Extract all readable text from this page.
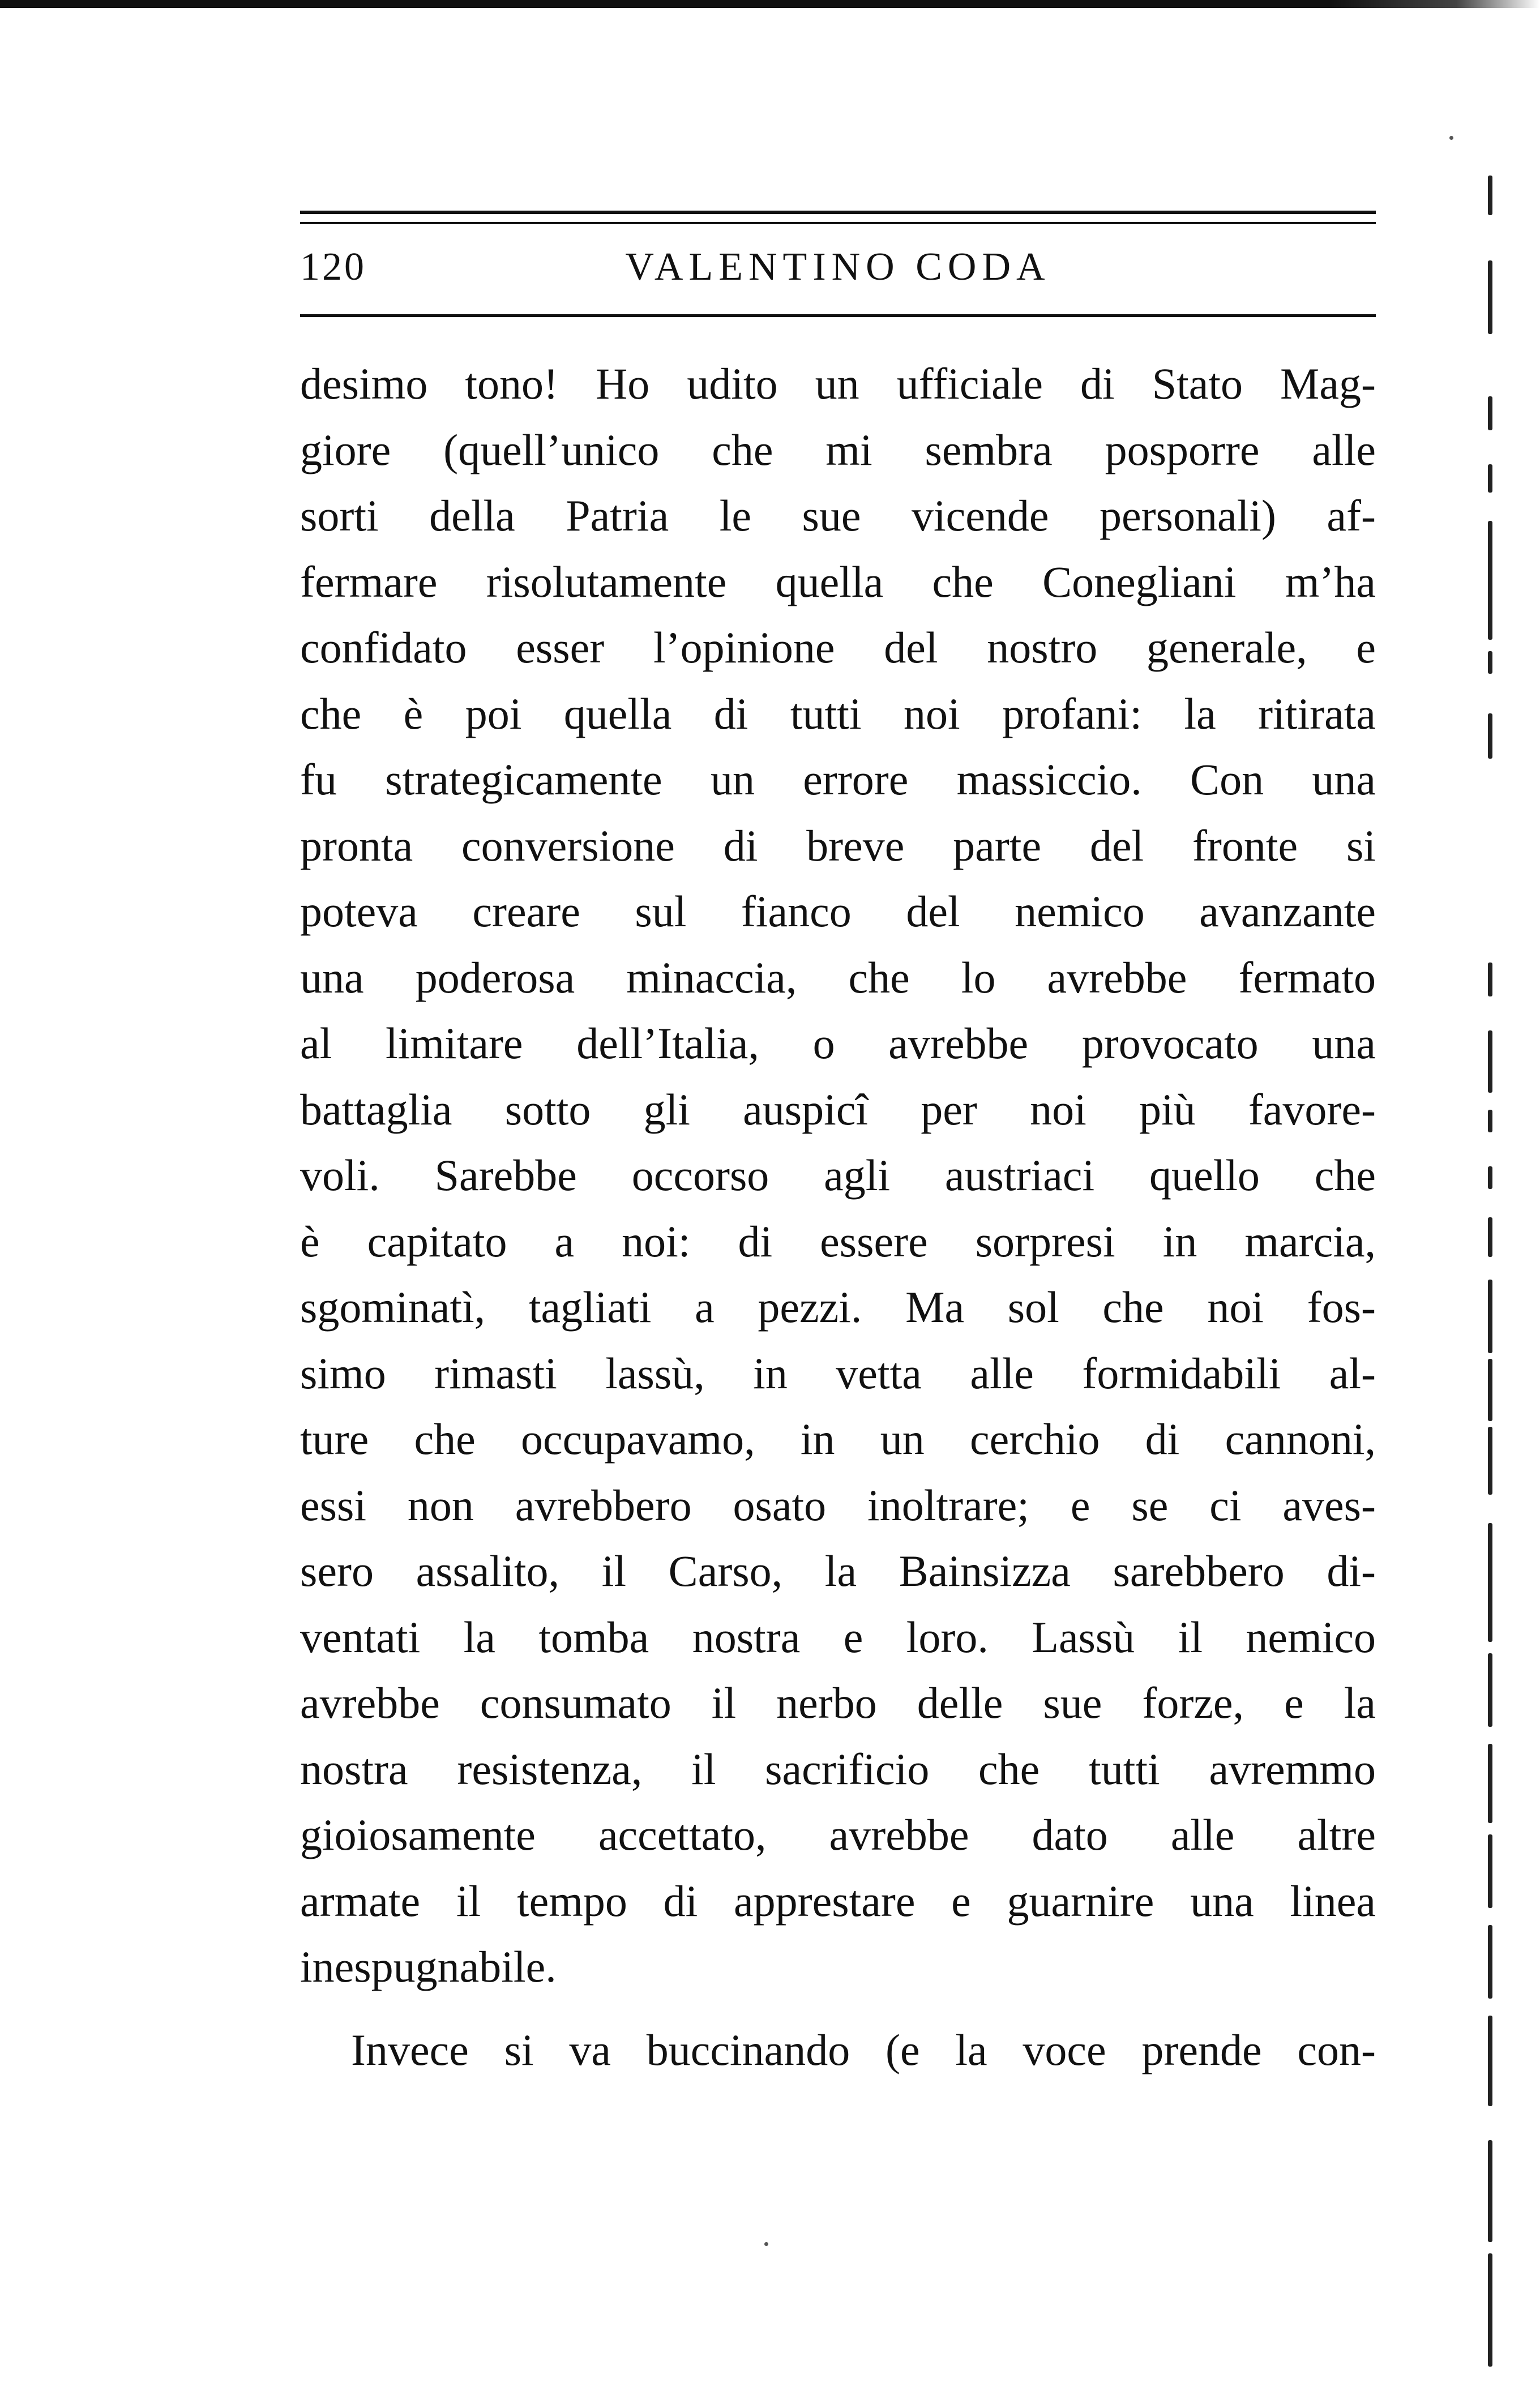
120	VALENTINO CODA
desimo tono! Ho udito un ufficiale di Stato Mag-
giore (quell’unico che mi sembra posporre alle
sorti della Patria le sue vicende personali) af-
fermare risolutamente quella che Conegliani m’ha
confidato esser l’opinione del nostro generale, e
che è poi quella di tutti noi profani: la ritirata
fu strategicamente un errore massiccio. Con una
pronta conversione di breve parte del fronte si
poteva creare sul fianco del nemico avanzante
una poderosa minaccia, che lo avrebbe fermato
al limitare dell’Italia, o avrebbe provocato una
battaglia sotto gli auspicî per noi più favore-
voli. Sarebbe occorso agli austriaci quello che
è capitato a noi: di essere sorpresi in marcia,
sgominatì, tagliati a pezzi. Ma sol che noi fos-
simo rimasti lassù, in vetta alle formidabili al-
ture che occupavamo, in un cerchio di cannoni,
essi non avrebbero osato inoltrare; e se ci aves-
sero assalito, il Carso, la Bainsizza sarebbero di-
ventati la tomba nostra e loro. Lassù il nemico
avrebbe consumato il nerbo delle sue forze, e la
nostra resistenza, il sacrificio che tutti avremmo
gioiosamente accettato, avrebbe dato alle altre
armate il tempo di apprestare e guarnire una linea
inespugnabile.
Invece si va buccinando (e la voce prende con-
